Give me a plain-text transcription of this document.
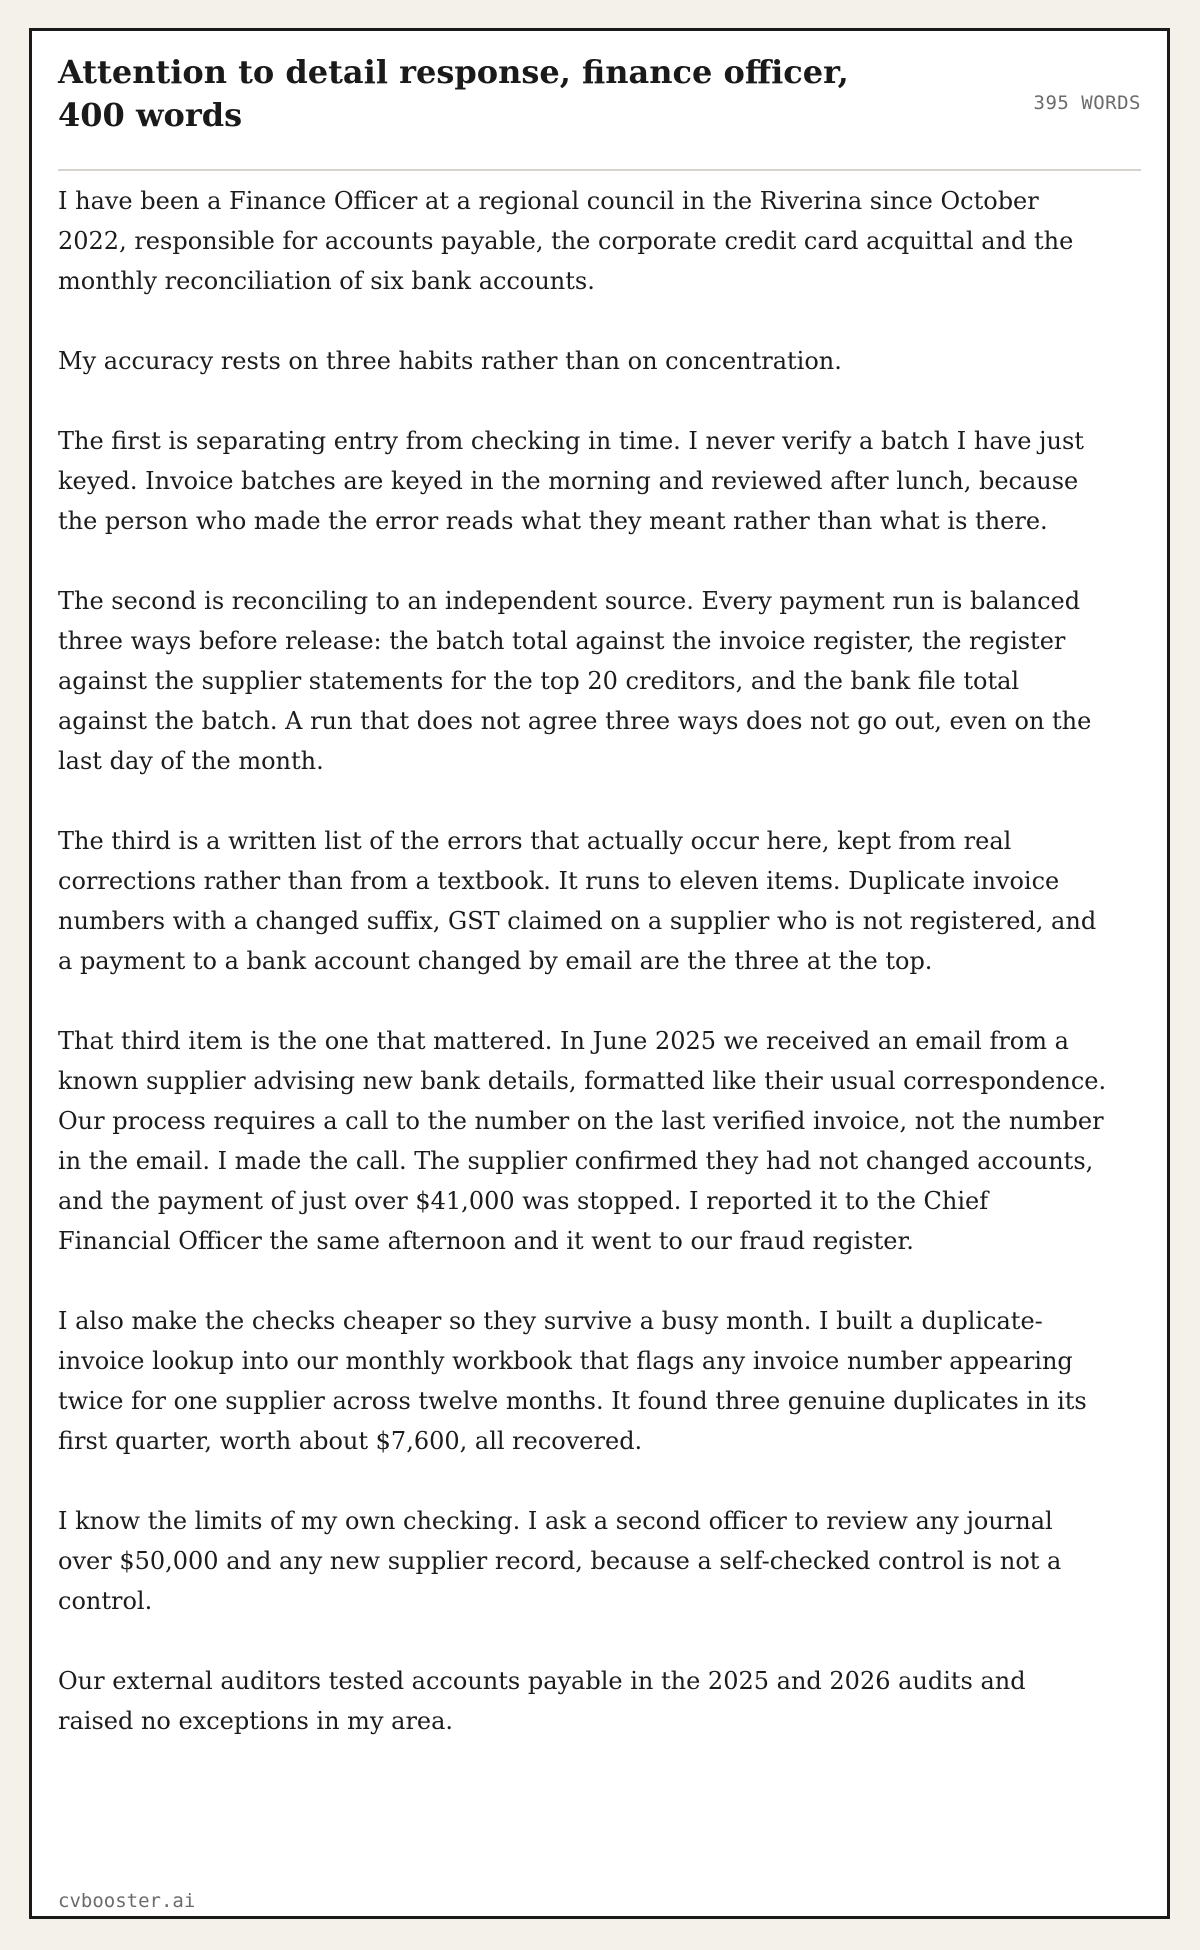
Attention to detail response, finance officer, 400 words	395 WORDS

I have been a Finance Officer at a regional council in the Riverina since October 2022, responsible for accounts payable, the corporate credit card acquittal and the monthly reconciliation of six bank accounts.

My accuracy rests on three habits rather than on concentration.

The first is separating entry from checking in time. I never verify a batch I have just keyed. Invoice batches are keyed in the morning and reviewed after lunch, because the person who made the error reads what they meant rather than what is there.

The second is reconciling to an independent source. Every payment run is balanced three ways before release: the batch total against the invoice register, the register against the supplier statements for the top 20 creditors, and the bank file total against the batch. A run that does not agree three ways does not go out, even on the last day of the month.

The third is a written list of the errors that actually occur here, kept from real corrections rather than from a textbook. It runs to eleven items. Duplicate invoice numbers with a changed suffix, GST claimed on a supplier who is not registered, and a payment to a bank account changed by email are the three at the top.

That third item is the one that mattered. In June 2025 we received an email from a known supplier advising new bank details, formatted like their usual correspondence. Our process requires a call to the number on the last verified invoice, not the number in the email. I made the call. The supplier confirmed they had not changed accounts, and the payment of just over $41,000 was stopped. I reported it to the Chief Financial Officer the same afternoon and it went to our fraud register.

I also make the checks cheaper so they survive a busy month. I built a duplicate-invoice lookup into our monthly workbook that flags any invoice number appearing twice for one supplier across twelve months. It found three genuine duplicates in its first quarter, worth about $7,600, all recovered.

I know the limits of my own checking. I ask a second officer to review any journal over $50,000 and any new supplier record, because a self-checked control is not a control.

Our external auditors tested accounts payable in the 2025 and 2026 audits and raised no exceptions in my area.

cvbooster.ai
